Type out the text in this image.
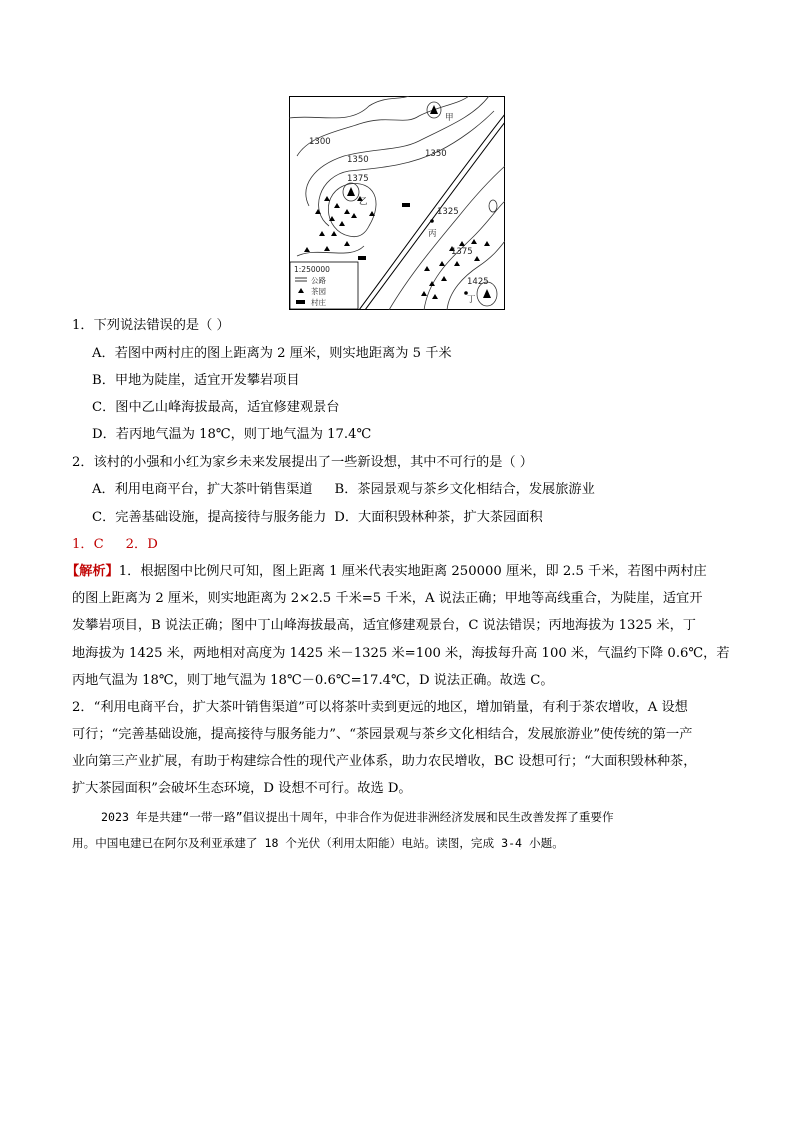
1300
1350
1350
1375
1325
1375
1425
甲
乙
丙
丁
1:250000
公路
茶园
村庄
1．下列说法错误的是（ ）
A．若图中两村庄的图上距离为 2 厘米，则实地距离为 5 千米
B．甲地为陡崖，适宜开发攀岩项目
C．图中乙山峰海拔最高，适宜修建观景台
D．若丙地气温为 18℃，则丁地气温为 17.4℃
2．该村的小强和小红为家乡未来发展提出了一些新设想，其中不可行的是（ ）
A．利用电商平台，扩大茶叶销售渠道 B．茶园景观与茶乡文化相结合，发展旅游业
C．完善基础设施，提高接待与服务能力 D．大面积毁林种茶，扩大茶园面积
1．C 2．D
【解析】1．根据图中比例尺可知，图上距离 1 厘米代表实地距离 250000 厘米，即 2.5 千米，若图中两村庄
的图上距离为 2 厘米，则实地距离为 2×2.5 千米=5 千米，A 说法正确；甲地等高线重合，为陡崖，适宜开
发攀岩项目，B 说法正确；图中丁山峰海拔最高，适宜修建观景台，C 说法错误；丙地海拔为 1325 米，丁
地海拔为 1425 米，两地相对高度为 1425 米－1325 米=100 米，海拔每升高 100 米，气温约下降 0.6℃，若
丙地气温为 18℃，则丁地气温为 18℃－0.6℃=17.4℃，D 说法正确。故选 C。
2．“利用电商平台，扩大茶叶销售渠道”可以将茶叶卖到更远的地区，增加销量，有利于茶农增收，A 设想
可行；“完善基础设施，提高接待与服务能力”、“茶园景观与茶乡文化相结合，发展旅游业”使传统的第一产
业向第三产业扩展，有助于构建综合性的现代产业体系，助力农民增收，BC 设想可行；“大面积毁林种茶，
扩大茶园面积”会破坏生态环境，D 设想不可行。故选 D。
2023 年是共建“一带一路”倡议提出十周年，中非合作为促进非洲经济发展和民生改善发挥了重要作
用。中国电建已在阿尔及利亚承建了 18 个光伏（利用太阳能）电站。读图，完成 3-4 小题。
